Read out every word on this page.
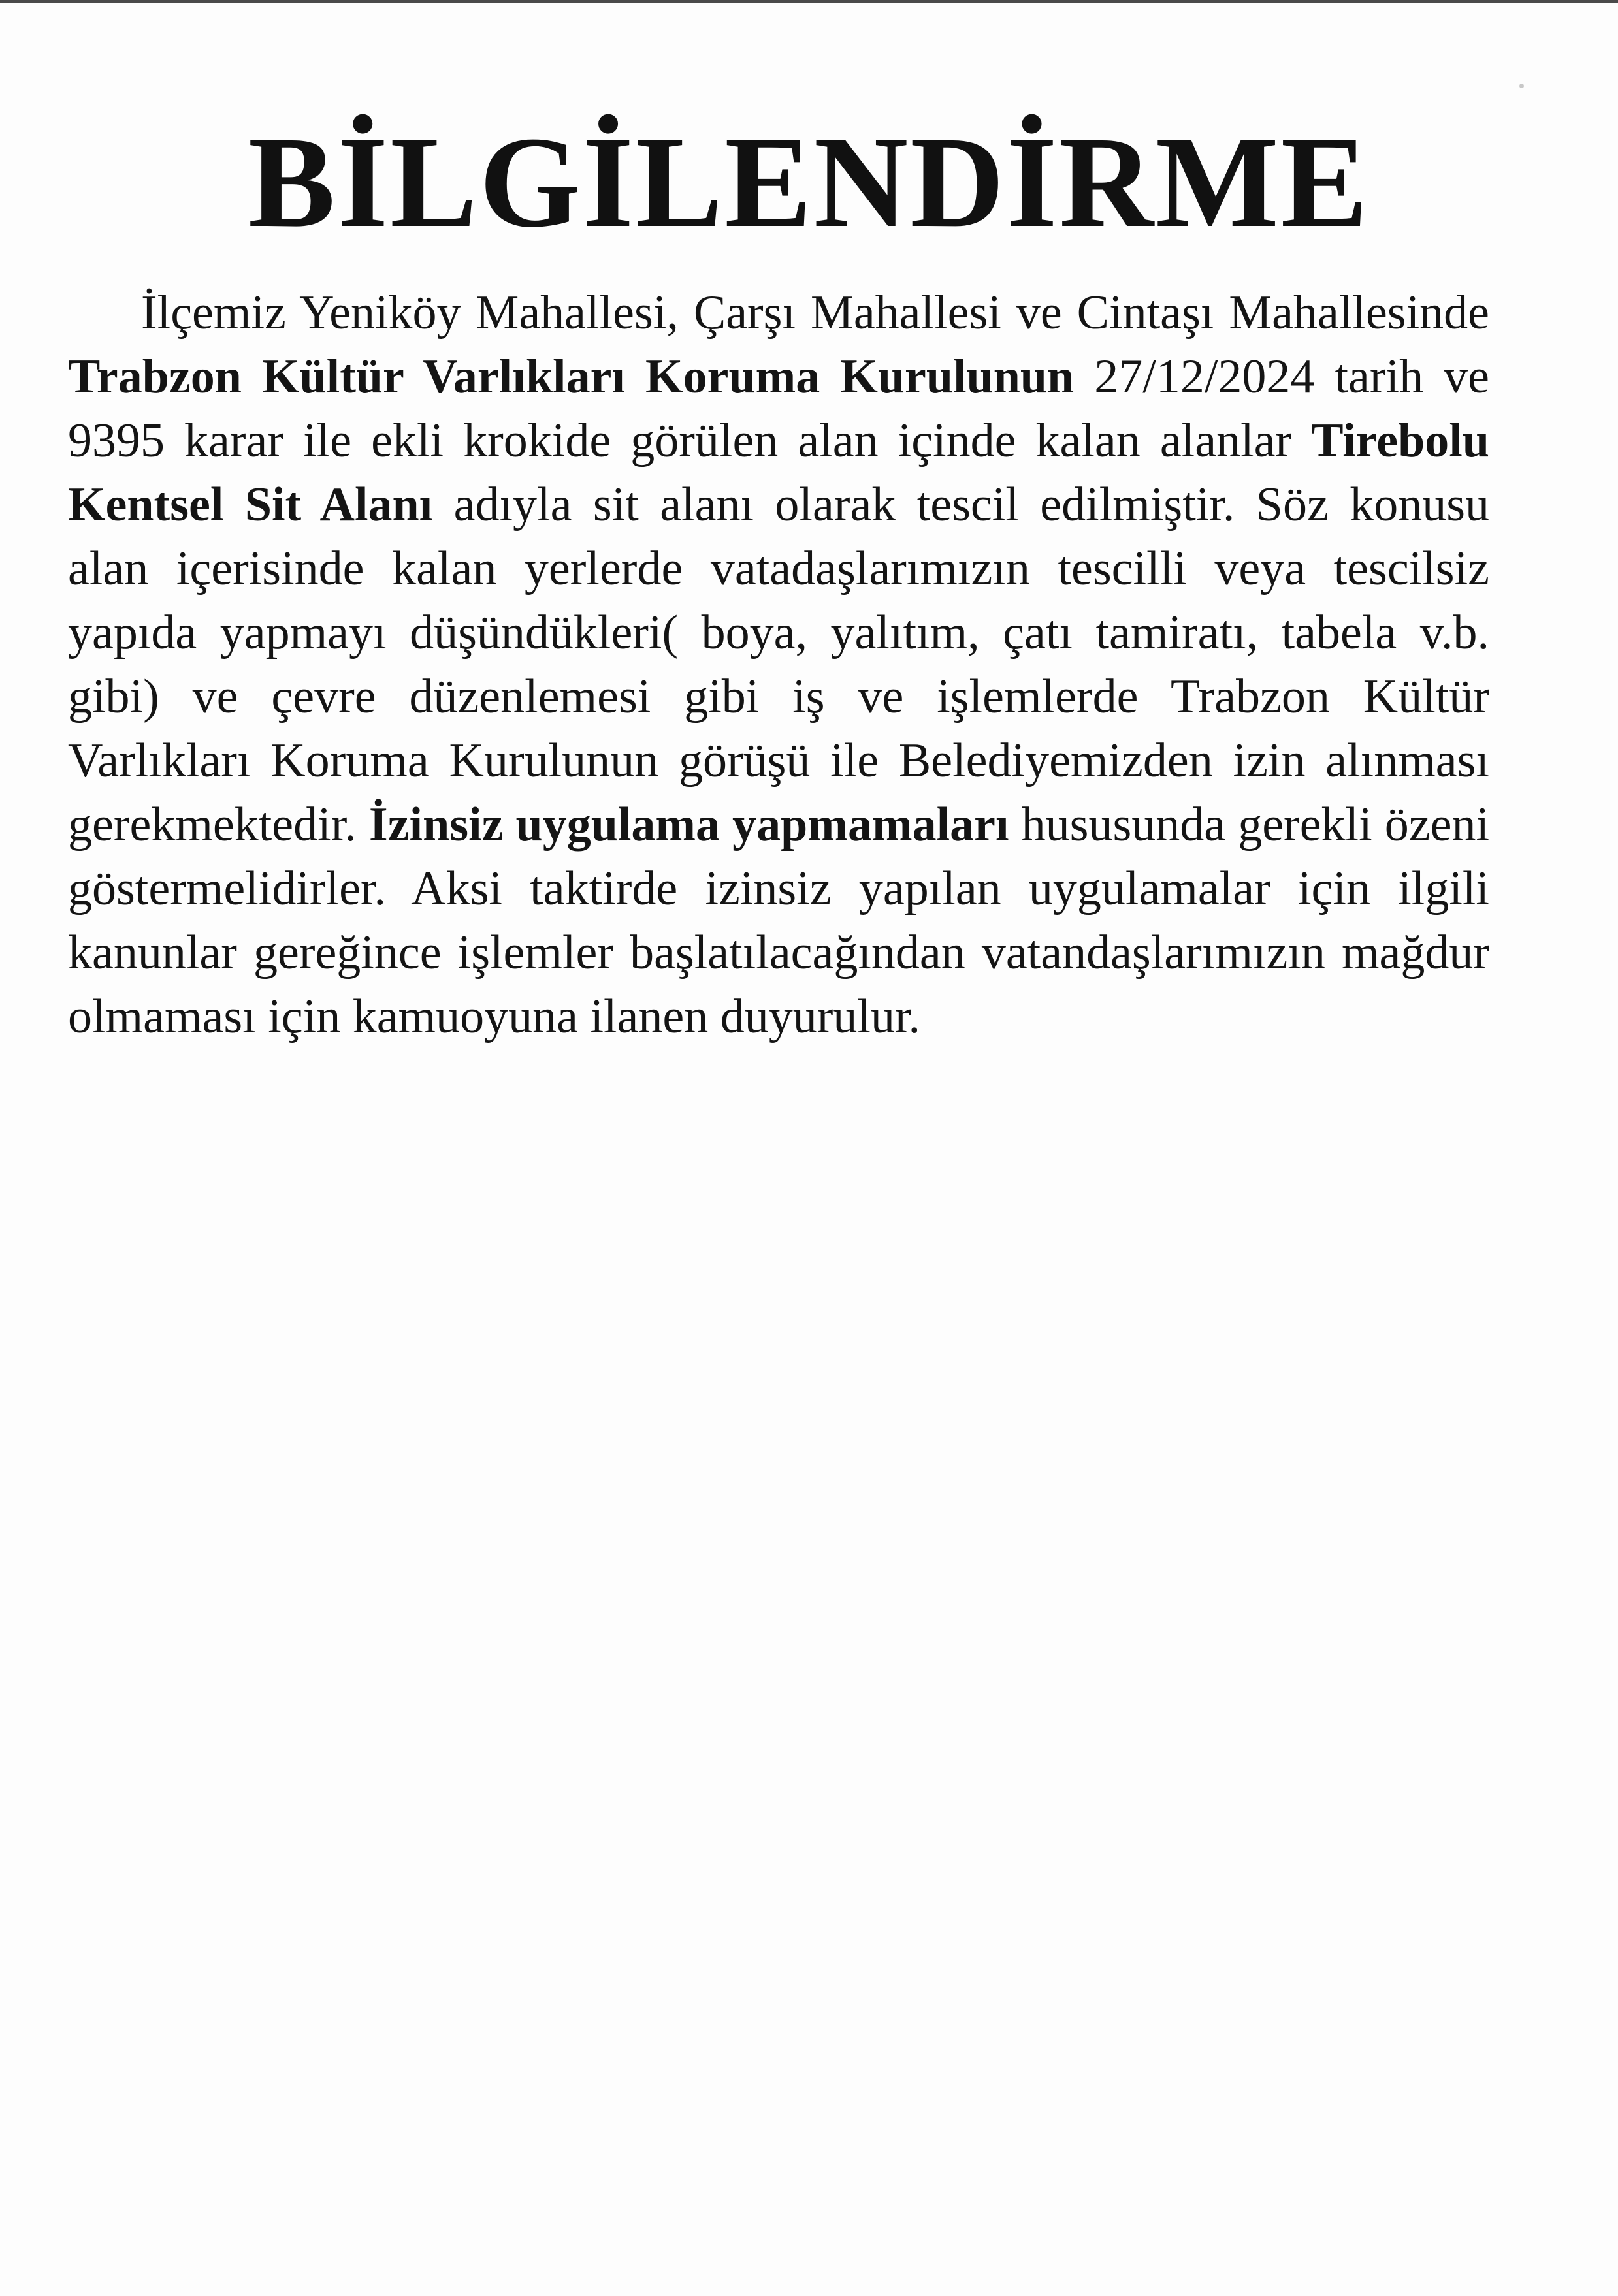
BİLGİLENDİRME

İlçemiz Yeniköy Mahallesi, Çarşı Mahallesi ve Cintaşı Mahallesinde Trabzon Kültür Varlıkları Koruma Kurulunun 27/12/2024 tarih ve 9395 karar ile ekli krokide görülen alan içinde kalan alanlar Tirebolu Kentsel Sit Alanı adıyla sit alanı olarak tescil edilmiştir. Söz konusu alan içerisinde kalan yerlerde vatadaşlarımızın tescilli veya tescilsiz yapıda yapmayı düşündükleri( boya, yalıtım, çatı tamiratı, tabela v.b. gibi) ve çevre düzenlemesi gibi iş ve işlemlerde Trabzon Kültür Varlıkları Koruma Kurulunun görüşü ile Belediyemizden izin alınması gerekmektedir. İzinsiz uygulama yapmamaları hususunda gerekli özeni göstermelidirler. Aksi taktirde izinsiz yapılan uygulamalar için ilgili kanunlar gereğince işlemler başlatılacağından vatandaşlarımızın mağdur olmaması için kamuoyuna ilanen duyurulur.
